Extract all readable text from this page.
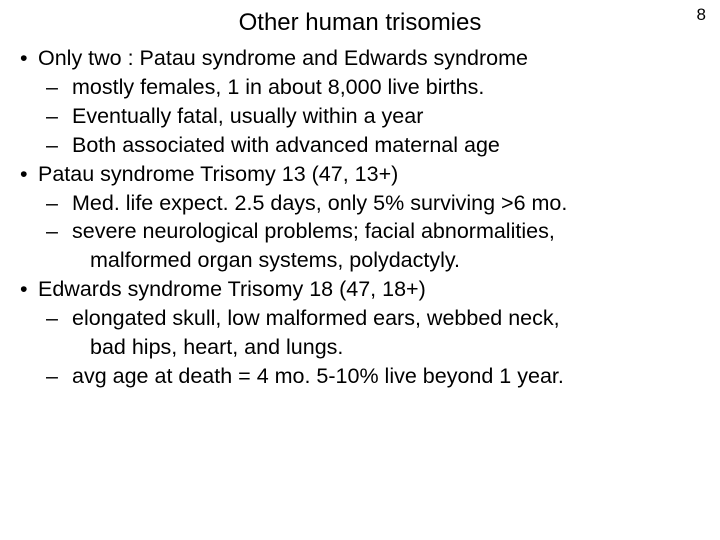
8
Other human trisomies
• Only two : Patau syndrome and Edwards syndrome
– mostly females, 1 in about 8,000 live births.
– Eventually fatal, usually within a year
– Both associated with advanced maternal age
• Patau syndrome Trisomy 13 (47, 13+)
– Med. life expect. 2.5 days, only 5% surviving >6 mo.
– severe neurological problems; facial abnormalities,
malformed organ systems, polydactyly.
• Edwards syndrome Trisomy 18 (47, 18+)
– elongated skull, low malformed ears, webbed neck,
bad hips, heart, and lungs.
– avg age at death = 4 mo. 5-10% live beyond 1 year.
